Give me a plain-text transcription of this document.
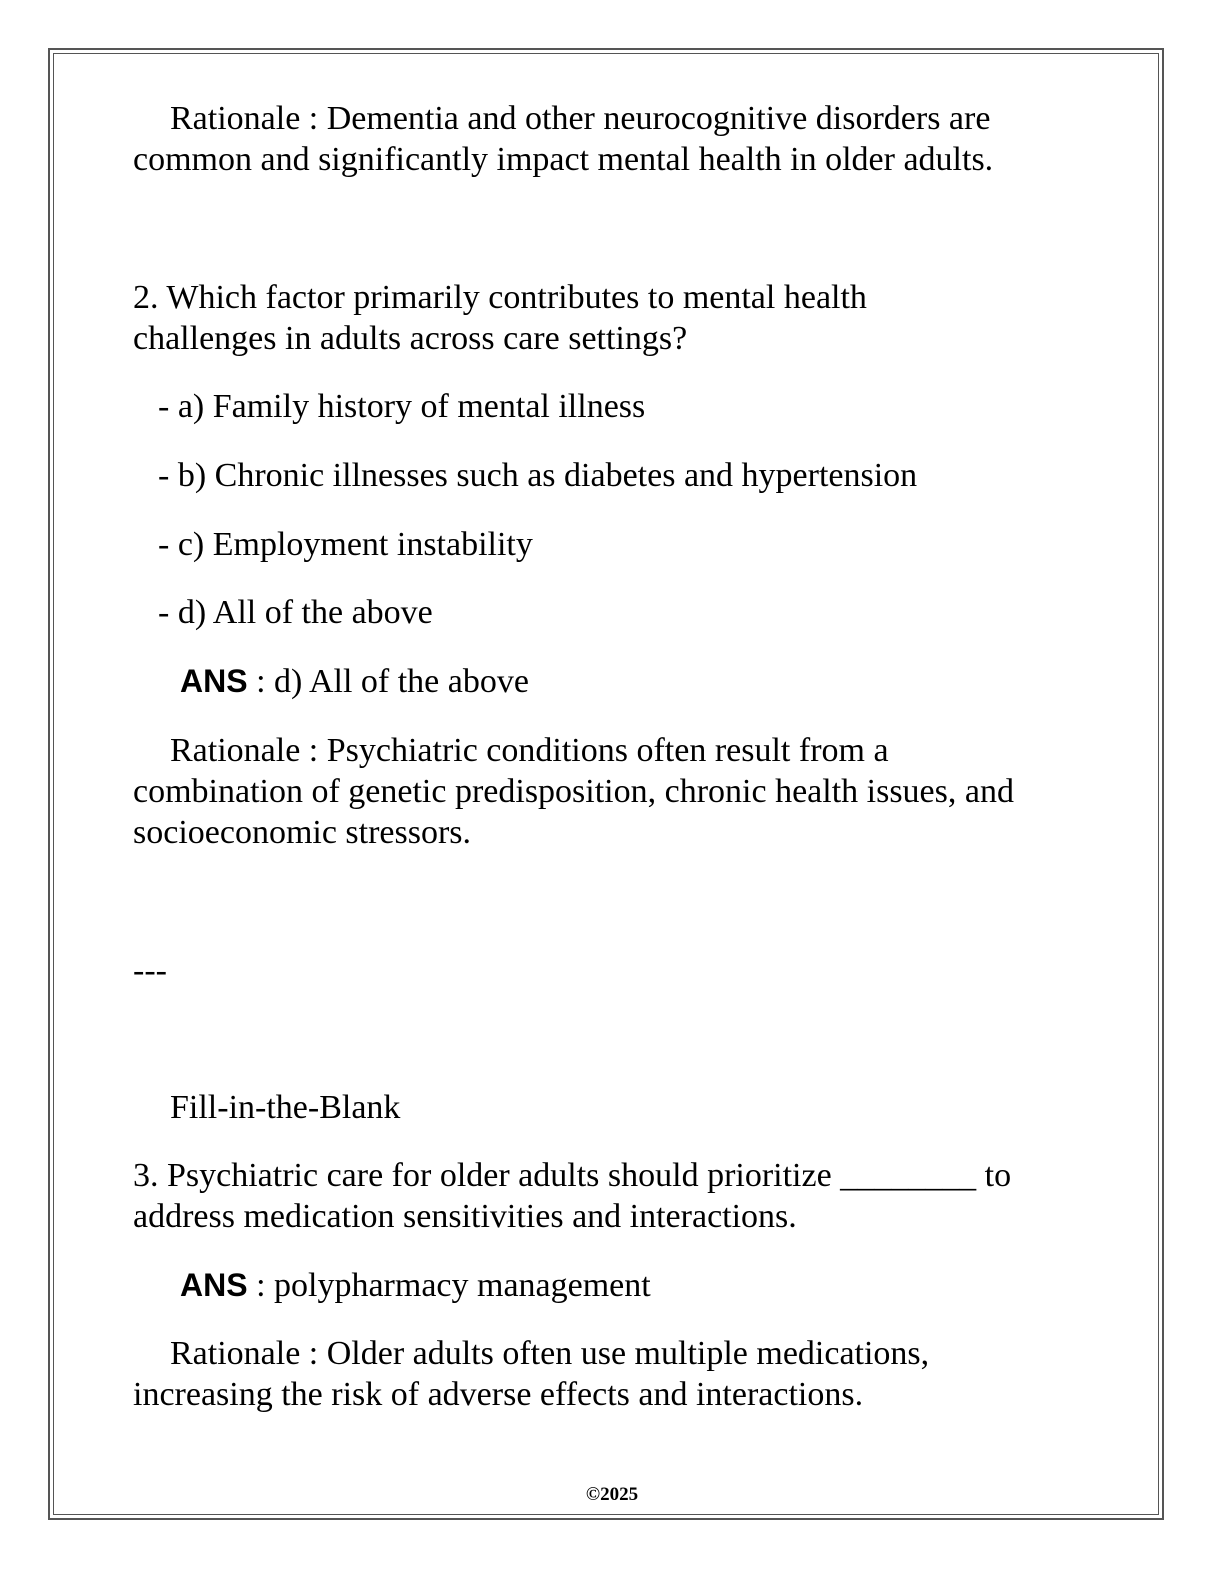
Rationale : Dementia and other neurocognitive disorders are

common and significantly impact mental health in older adults.

2. Which factor primarily contributes to mental health

challenges in adults across care settings?

- a) Family history of mental illness

- b) Chronic illnesses such as diabetes and hypertension

- c) Employment instability

- d) All of the above

ANS : d) All of the above

Rationale : Psychiatric conditions often result from a

combination of genetic predisposition, chronic health issues, and

socioeconomic stressors.

---

Fill-in-the-Blank

3. Psychiatric care for older adults should prioritize ________ to

address medication sensitivities and interactions.

ANS : polypharmacy management

Rationale : Older adults often use multiple medications,

increasing the risk of adverse effects and interactions.

©2025
